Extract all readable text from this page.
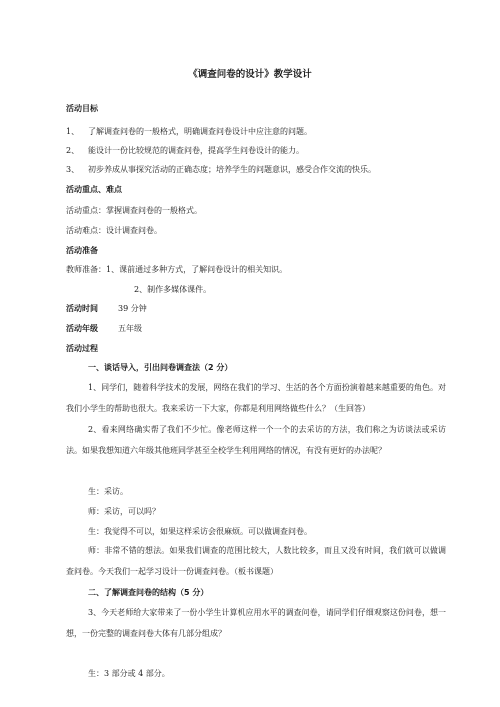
《调查问卷的设计》教学设计
活动目标
1、 了解调查问卷的一般格式，明确调查问卷设计中应注意的问题。
2、 能设计一份比较规范的调查问卷，提高学生问卷设计的能力。
3、 初步养成从事探究活动的正确态度；培养学生的问题意识，感受合作交流的快乐。
活动重点、难点
活动重点：掌握调查问卷的一般格式。
活动难点：设计调查问卷。
活动准备
教师准备：1、课前通过多种方式，了解问卷设计的相关知识。
2、制作多媒体课件。
活动时间	39 分钟
活动年级	五年级
活动过程
一、谈话导入，引出问卷调查法（2 分）
1、同学们，随着科学技术的发展，网络在我们的学习、生活的各个方面扮演着越来越重要的角色。对我们小学生的帮助也很大。我来采访一下大家，你都是利用网络做些什么？（生回答）
2、看来网络确实帮了我们不少忙。像老师这样一个一个的去采访的方法，我们称之为访谈法或采访法。如果我想知道六年级其他班同学甚至全校学生利用网络的情况，有没有更好的办法呢？
生：采访。
师：采访，可以吗？
生：我觉得不可以，如果这样采访会很麻烦。可以做调查问卷。
师：非常不错的想法。如果我们调查的范围比较大，人数比较多，而且又没有时间，我们就可以做调查问卷。今天我们一起学习设计一份调查问卷。（板书课题）
二、了解调查问卷的结构（5 分）
3、今天老师给大家带来了一份小学生计算机应用水平的调查问卷，请同学们仔细观察这份问卷，想一想，一份完整的调查问卷大体有几部分组成？
生：3 部分或 4 部分。
